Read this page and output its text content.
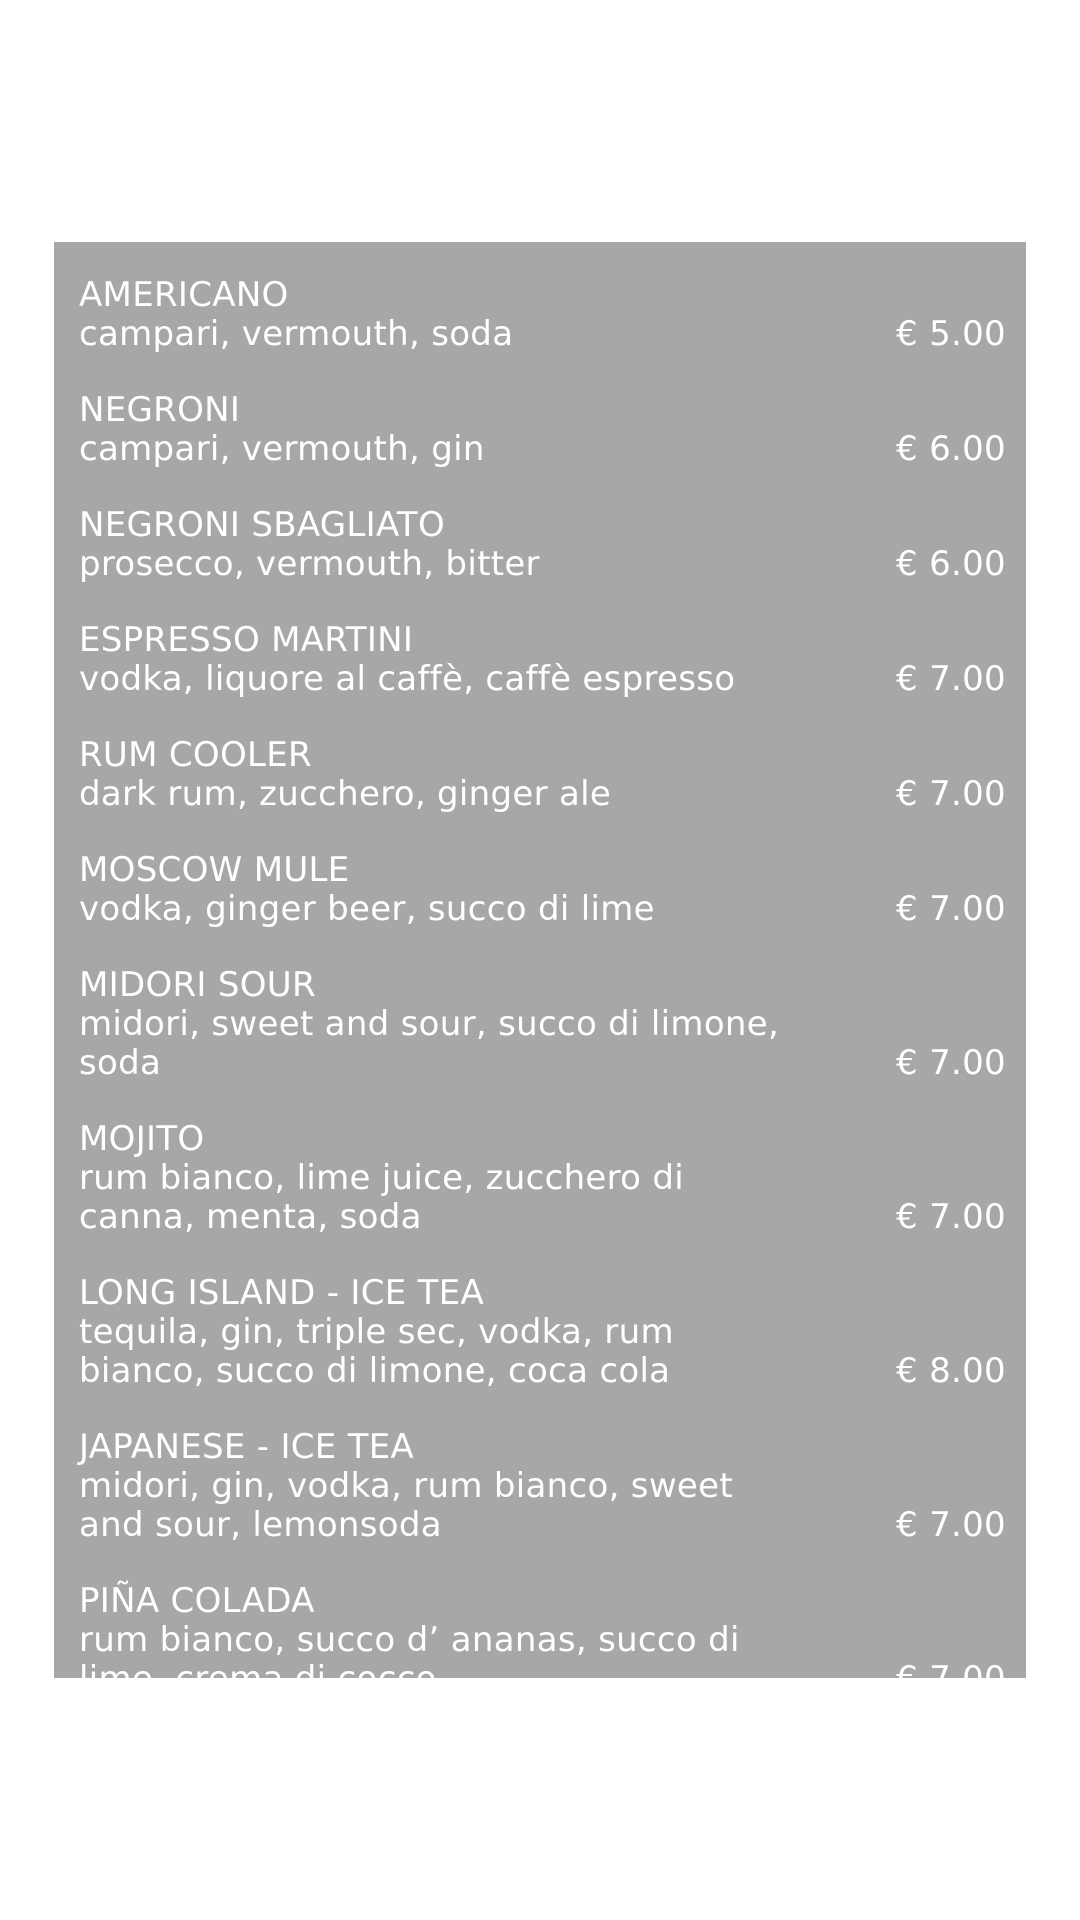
AMERICANO
campari, vermouth, soda	€ 5.00
NEGRONI
campari, vermouth, gin	€ 6.00
NEGRONI SBAGLIATO
prosecco, vermouth, bitter	€ 6.00
ESPRESSO MARTINI
vodka, liquore al caffè, caffè espresso	€ 7.00
RUM COOLER
dark rum, zucchero, ginger ale	€ 7.00
MOSCOW MULE
vodka, ginger beer, succo di lime	€ 7.00
MIDORI SOUR
midori, sweet and sour, succo di limone, soda	€ 7.00
MOJITO
rum bianco, lime juice, zucchero di canna, menta, soda	€ 7.00
LONG ISLAND - ICE TEA
tequila, gin, triple sec, vodka, rum bianco, succo di limone, coca cola	€ 8.00
JAPANESE - ICE TEA
midori, gin, vodka, rum bianco, sweet and sour, lemonsoda	€ 7.00
PIÑA COLADA
rum bianco, succo d’ ananas, succo di lime, crema di cocco	€ 7.00
